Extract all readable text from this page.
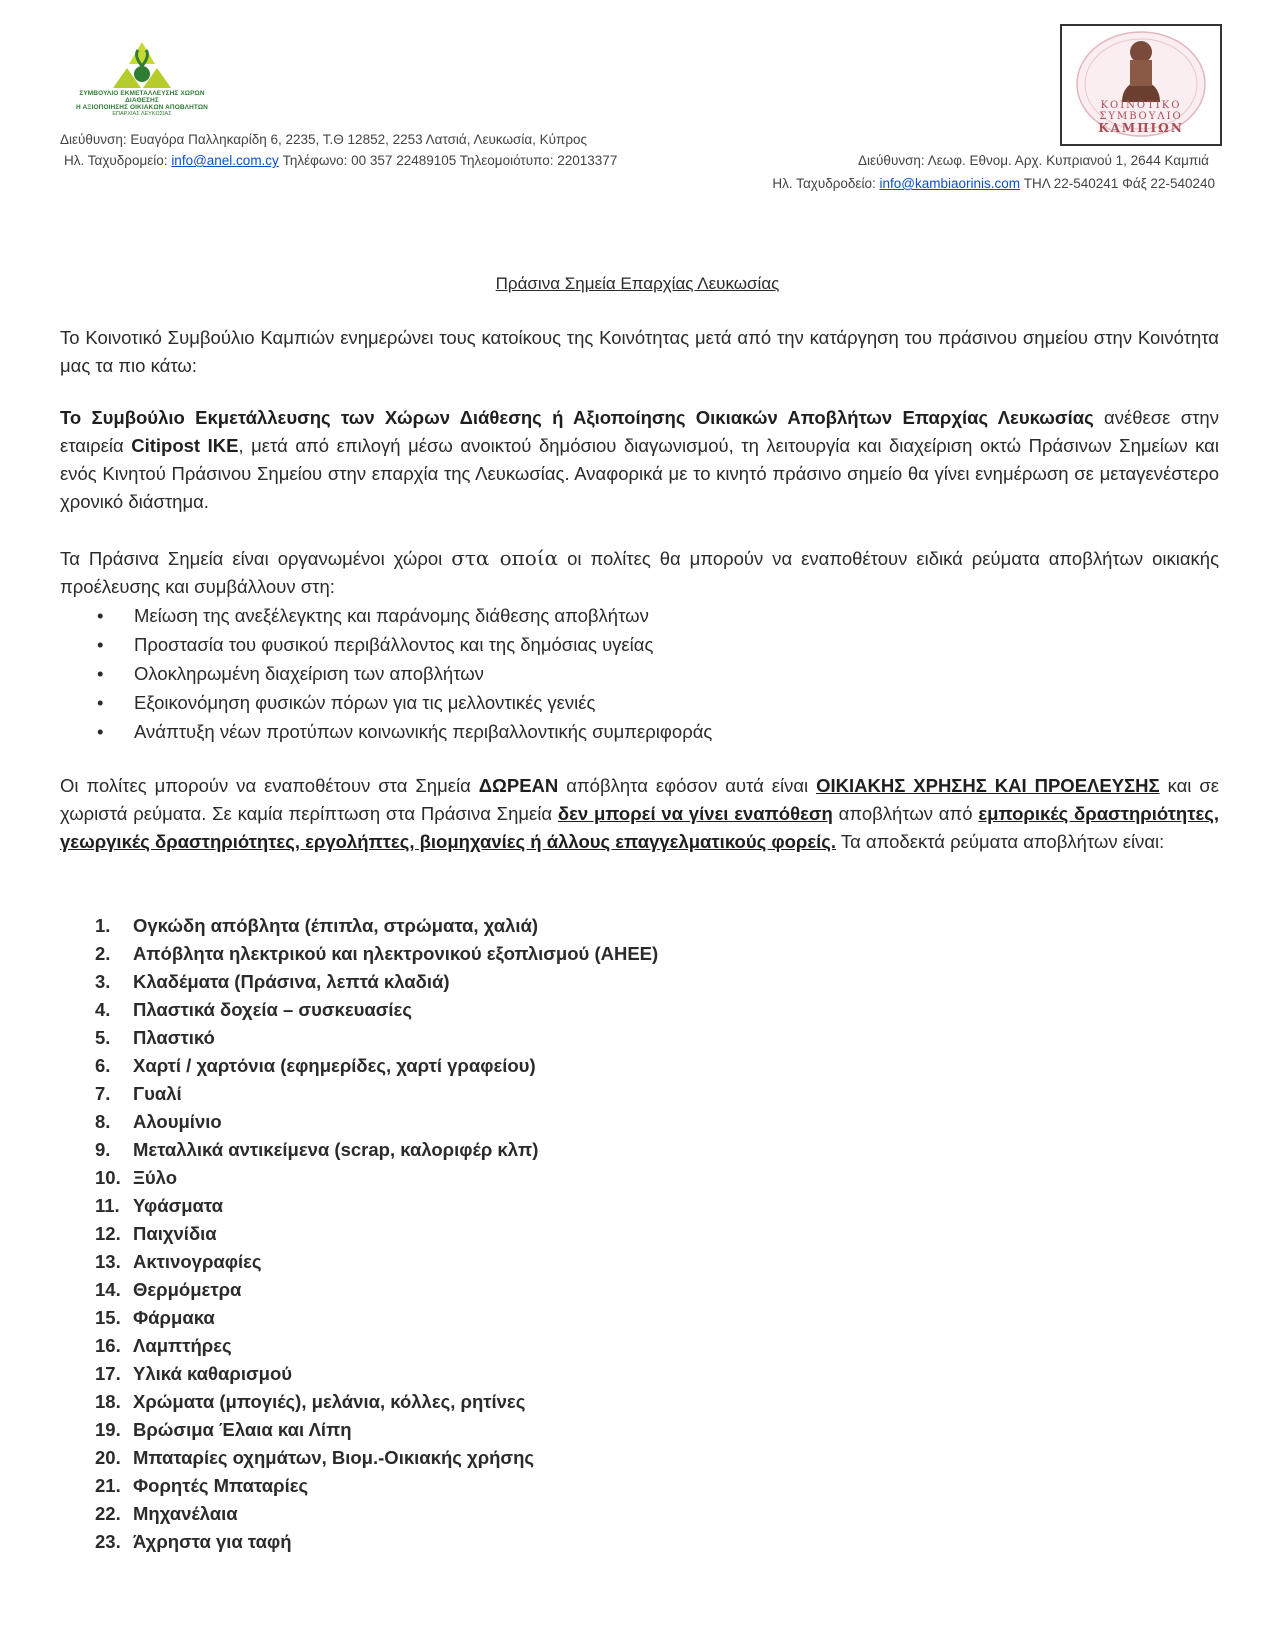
ΣΥΜΒΟΥΛΙΟ ΕΚΜΕΤΑΛΛΕΥΣΗΣ ΧΩΡΩΝ ΔΙΑΘΕΣΗΣ
Η ΑΞΙΟΠΟΙΗΣΗΣ ΟΙΚΙΑΚΩΝ ΑΠΟΒΛΗΤΩΝ
ΕΠΑΡΧΙΑΣ ΛΕΥΚΩΣΙΑΣ
ΚΟΙΝΟΤΙΚΟ
ΣΥΜΒΟΥΛΙΟ
ΚΑΜΠΙΩΝ
Διεύθυνση: Ευαγόρα Παλληκαρίδη 6, 2235, Τ.Θ 12852, 2253 Λατσιά, Λευκωσία, Κύπρος
Ηλ. Ταχυδρομείο: info@anel.com.cy Τηλέφωνο: 00 357 22489105 Τηλεομοιότυπο: 22013377	Διεύθυνση: Λεωφ. Εθνομ. Αρχ. Κυπριανού 1, 2644 Καμπιά
Ηλ. Ταχυδροδείο: info@kambiaorinis.com ΤΗΛ 22-540241 Φάξ 22-540240
Πράσινα Σημεία Επαρχίας Λευκωσίας
Το Κοινοτικό Συμβούλιο Καμπιών ενημερώνει τους κατοίκους της Κοινότητας μετά από την κατάργηση του πράσινου σημείου στην Κοινότητα μας τα πιο κάτω:
Το Συμβούλιο Εκμετάλλευσης των Χώρων Διάθεσης ή Αξιοποίησης Οικιακών Αποβλήτων Επαρχίας Λευκωσίας ανέθεσε στην εταιρεία Citipost ΙΚΕ, μετά από επιλογή μέσω ανοικτού δημόσιου διαγωνισμού, τη λειτουργία και διαχείριση οκτώ Πράσινων Σημείων και ενός Κινητού Πράσινου Σημείου στην επαρχία της Λευκωσίας. Αναφορικά με το κινητό πράσινο σημείο θα γίνει ενημέρωση σε μεταγενέστερο χρονικό διάστημα.
Τα Πράσινα Σημεία είναι οργανωμένοι χώροι στα οποία οι πολίτες θα μπορούν να εναποθέτουν ειδικά ρεύματα αποβλήτων οικιακής προέλευσης και συμβάλλουν στη:
• Μείωση της ανεξέλεγκτης και παράνομης διάθεσης αποβλήτων
• Προστασία του φυσικού περιβάλλοντος και της δημόσιας υγείας
• Ολοκληρωμένη διαχείριση των αποβλήτων
• Εξοικονόμηση φυσικών πόρων για τις μελλοντικές γενιές
• Ανάπτυξη νέων προτύπων κοινωνικής περιβαλλοντικής συμπεριφοράς
Οι πολίτες μπορούν να εναποθέτουν στα Σημεία ΔΩΡΕΑΝ απόβλητα εφόσον αυτά είναι ΟΙΚΙΑΚΗΣ ΧΡΗΣΗΣ ΚΑΙ ΠΡΟΕΛΕΥΣΗΣ και σε χωριστά ρεύματα. Σε καμία περίπτωση στα Πράσινα Σημεία δεν μπορεί να γίνει εναπόθεση αποβλήτων από εμπορικές δραστηριότητες, γεωργικές δραστηριότητες, εργολήπτες, βιομηχανίες ή άλλους επαγγελματικούς φορείς. Τα αποδεκτά ρεύματα αποβλήτων είναι:
1. Ογκώδη απόβλητα (έπιπλα, στρώματα, χαλιά)
2. Απόβλητα ηλεκτρικού και ηλεκτρονικού εξοπλισμού (ΑΗΕΕ)
3. Κλαδέματα (Πράσινα, λεπτά κλαδιά)
4. Πλαστικά δοχεία – συσκευασίες
5. Πλαστικό
6. Χαρτί / χαρτόνια (εφημερίδες, χαρτί γραφείου)
7. Γυαλί
8. Αλουμίνιο
9. Μεταλλικά αντικείμενα (scrap, καλοριφέρ κλπ)
10. Ξύλο
11. Υφάσματα
12. Παιχνίδια
13. Ακτινογραφίες
14. Θερμόμετρα
15. Φάρμακα
16. Λαμπτήρες
17. Υλικά καθαρισμού
18. Χρώματα (μπογιές), μελάνια, κόλλες, ρητίνες
19. Βρώσιμα Έλαια και Λίπη
20. Μπαταρίες οχημάτων, Βιομ.-Οικιακής χρήσης
21. Φορητές Μπαταρίες
22. Μηχανέλαια
23. Άχρηστα για ταφή
